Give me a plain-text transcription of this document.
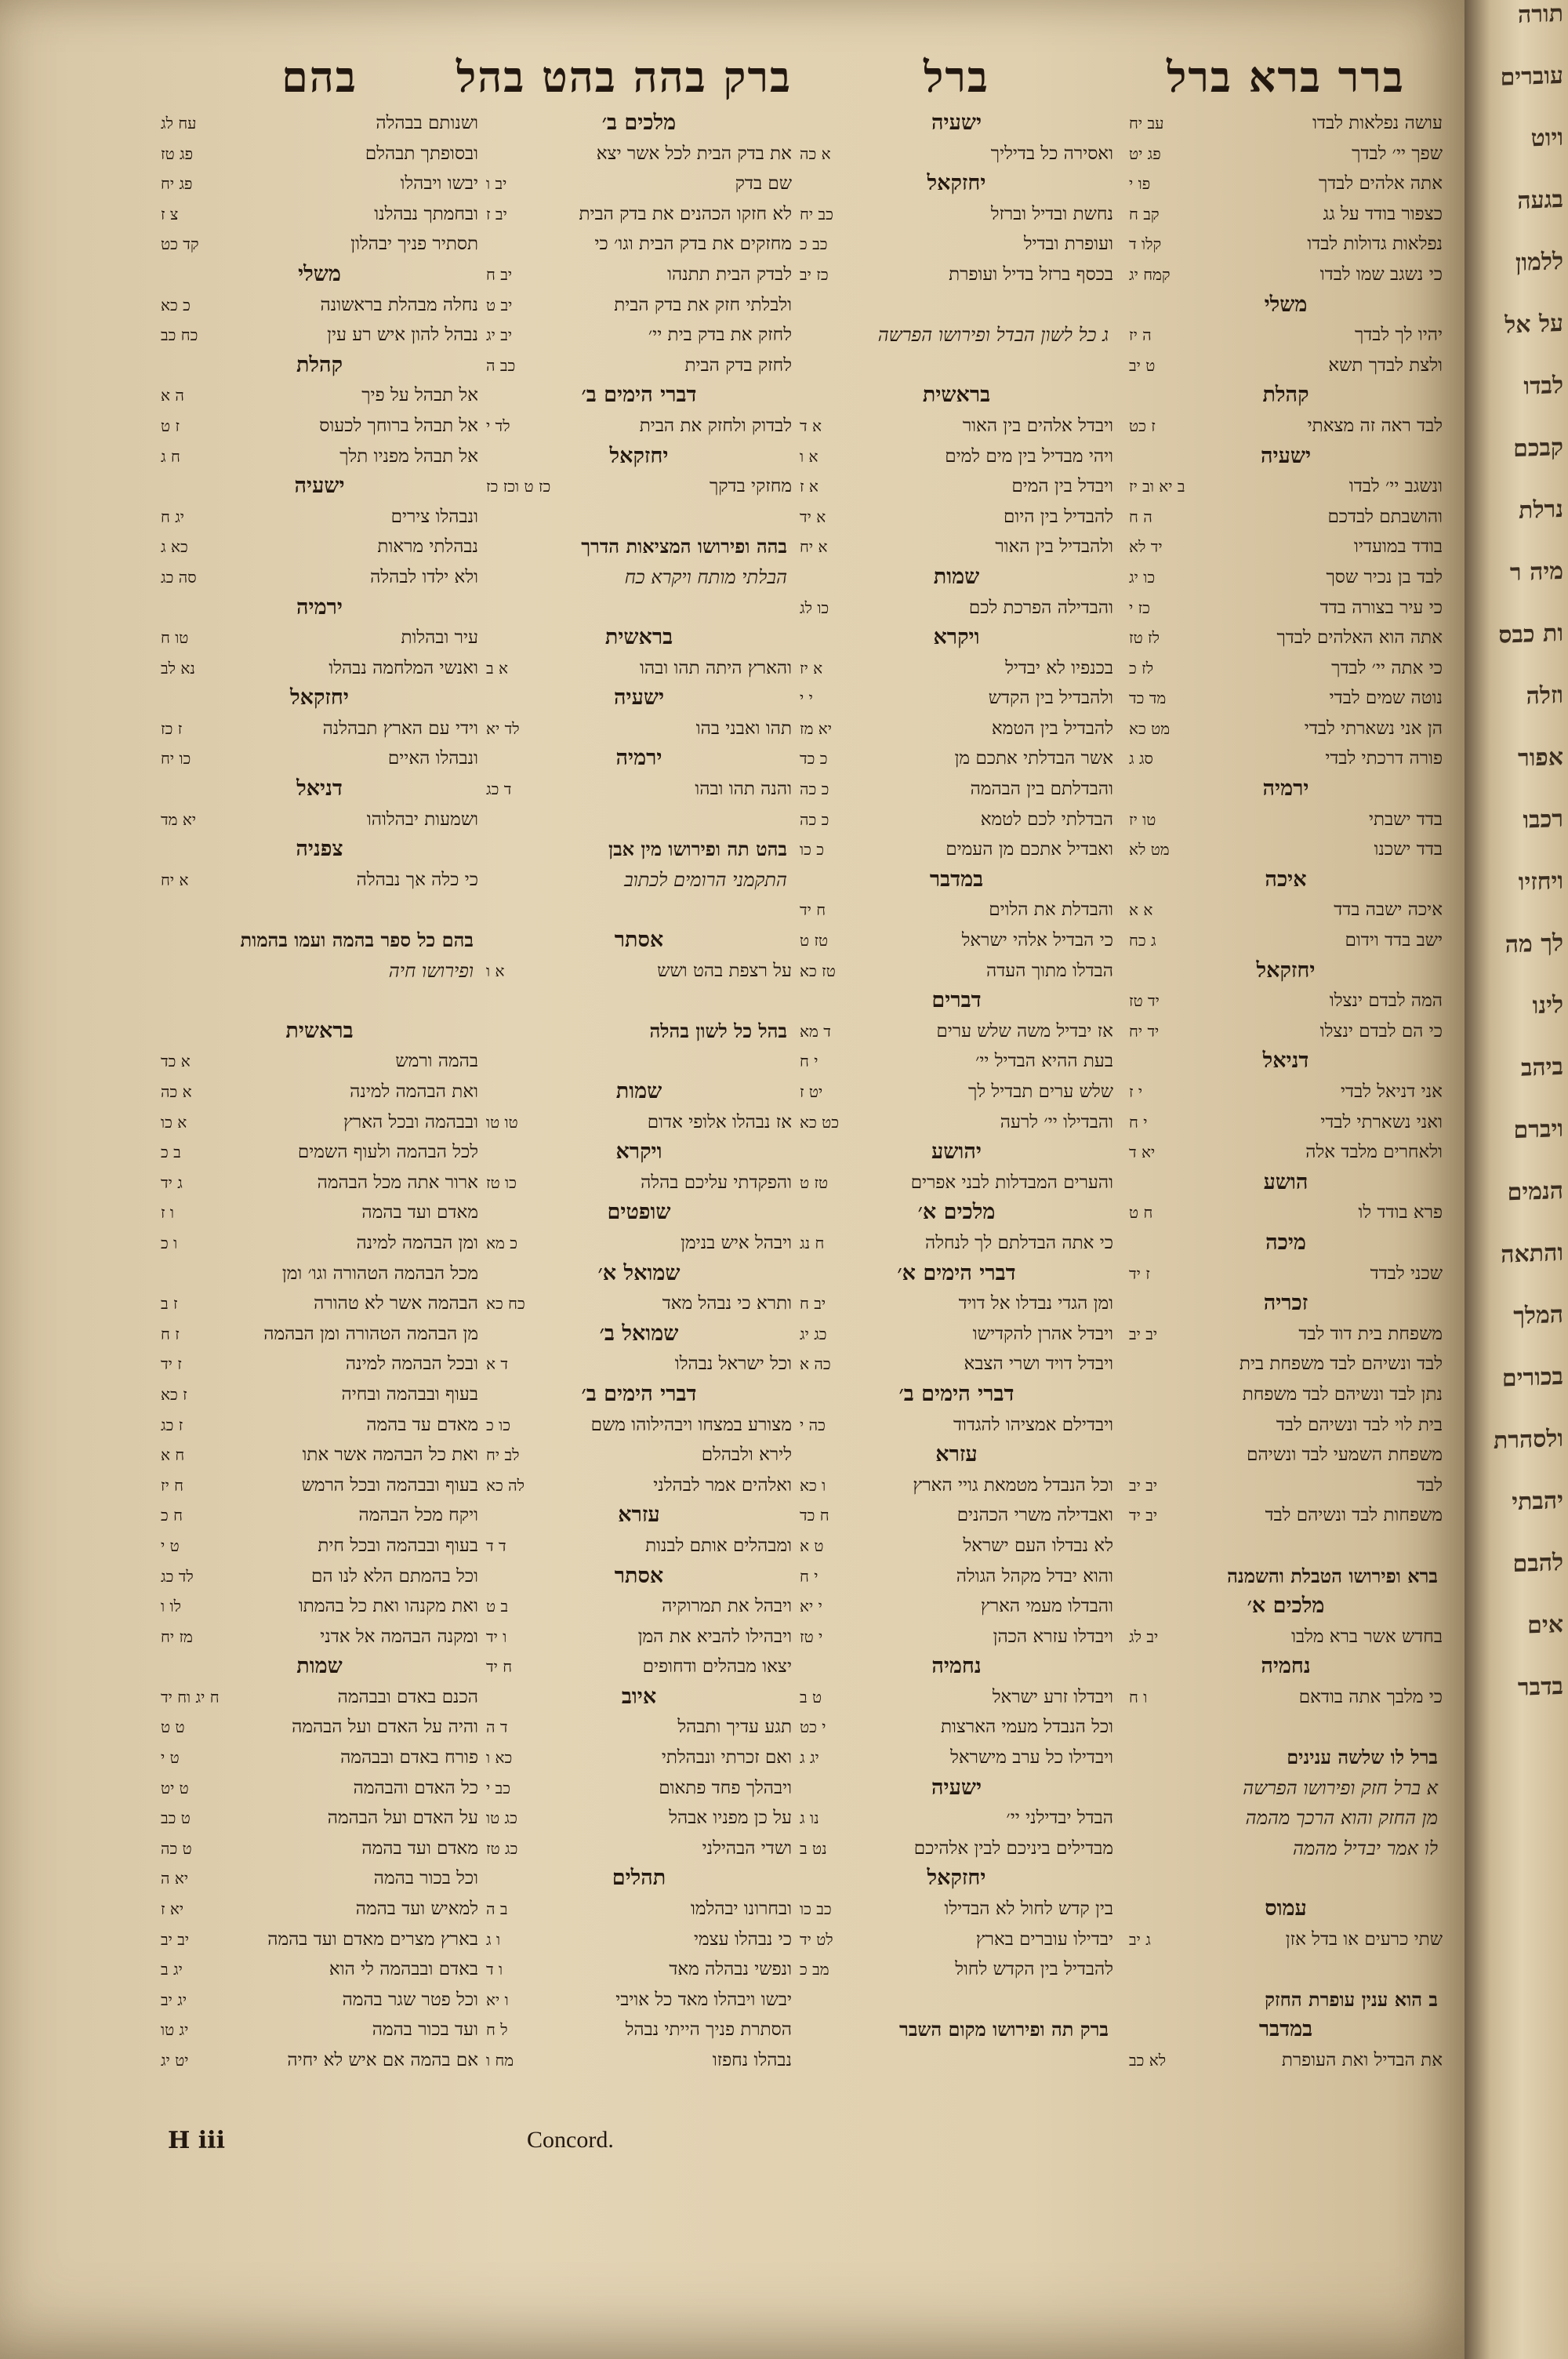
ברר ברא ברל
עושה נפלאות לבדו
עב יח
שפך יי׳ לבדך
פג יט
אתה אלהים לבדך
פו י
כצפור בודד על גג
קב ח
נפלאות גדולות לבדו
קלו ד
כי נשגב שמו לבדו
קמח יג
משלי
יהיו לך לבדך
ה יז
ולצת לבדך תשא
ט יב
קהלת
לבד ראה זה מצאתי
ז כט
ישעיה
ונשגב יי׳ לבדו
ב יא וב יז
והושבתם לבדכם
ה ח
בודד במועדיו
יד לא
לבד בן נכיר שסך
כו יג
כי עיר בצורה בדד
כז י
אתה הוא האלהים לבדך
לז טז
כי אתה יי׳ לבדך
לז כ
נוטה שמים לבדי
מד כד
הן אני נשארתי לבדי
מט כא
פורה דרכתי לבדי
סג ג
ירמיה
בדד ישבתי
טו יז
בדד ישכנו
מט לא
איכה
איכה ישבה בדד
א א
ישב בדד וידום
ג כח
יחזקאל
המה לבדם ינצלו
יד טז
כי הם לבדם ינצלו
יד יח
דניאל
אני דניאל לבדי
י ז
ואני נשארתי לבדי
י ח
ולאחרים מלבד אלה
יא ד
הושע
פרא בודד לו
ח ט
מיכה
שכני לבדד
ז יד
זכריה
משפחת בית דוד לבד
יב יב
לבד ונשיהם לבד משפחת בית
נתן לבד ונשיהם לבד משפחת
בית לוי לבד ונשיהם לבד
משפחת השמעי לבד ונשיהם
לבד
יב יב
משפחות לבד ונשיהם לבד
יב יד
ברא ופירושו הטבלת והשמנה
מלכים א׳
בחדש אשר ברא מלבו
יב לג
נחמיה
כי מלבך אתה בודאם
ו ח
ברל לו שלשה ענינים
א ברל חזק ופירושו הפרשה
מן החזק והוא הרכך מהמה
לו אמר יבדיל מהמה
עמוס
שתי כרעים או בדל אזן
ג יב
ב הוא ענין עופרת החזק
במדבר
את הבדיל ואת העופרת
לא כב
ברל
ישעיה
ואסירה כל בדיליך
א כה
יחזקאל
נחשת ובדיל וברזל
כב יח
ועופרת ובדיל
כב כ
בכסף ברזל בדיל ועופרת
כז יב
ג כל לשון הבדל ופירושו הפרשה
בראשית
ויבדל אלהים בין האור
א ד
ויהי מבדיל בין מים למים
א ו
ויבדל בין המים
א ז
להבדיל בין היום
א יד
ולהבדיל בין האור
א יח
שמות
והבדילה הפרכת לכם
כו לג
ויקרא
בכנפיו לא יבדיל
א יז
ולהבדיל בין הקדש
י י
להבדיל בין הטמא
יא מז
אשר הבדלתי אתכם מן
כ כד
והבדלתם בין הבהמה
כ כה
הבדלתי לכם לטמא
כ כה
ואבדיל אתכם מן העמים
כ כו
במדבר
והבדלת את הלוים
ח יד
כי הבדיל אלהי ישראל
טז ט
הבדלו מתוך העדה
טז כא
דברים
אז יבדיל משה שלש ערים
ד מא
בעת ההיא הבדיל יי׳
י ח
שלש ערים תבדיל לך
יט ז
והבדילו יי׳ לרעה
כט כא
יהושע
והערים המבדלות לבני אפרים
טז ט
מלכים א׳
כי אתה הבדלתם לך לנחלה
ח נג
דברי הימים א׳
ומן הגדי נבדלו אל דויד
יב ח
ויבדל אהרן להקדישו
כג יג
ויבדל דויד ושרי הצבא
כה א
דברי הימים ב׳
ויבדילם אמציהו להגדוד
כה י
עזרא
וכל הנבדל מטמאת גויי הארץ
ו כא
ואבדילה משרי הכהנים
ח כד
לא נבדלו העם ישראל
ט א
והוא יבדל מקהל הגולה
י ח
והבדלו מעמי הארץ
י יא
ויבדלו עזרא הכהן
י טז
נחמיה
ויבדלו זרע ישראל
ט ב
וכל הנבדל מעמי הארצות
י כט
ויבדילו כל ערב מישראל
יג ג
ישעיה
הבדל יבדילני יי׳
נו ג
מבדילים ביניכם לבין אלהיכם
נט ב
יחזקאל
בין קדש לחול לא הבדילו
כב כו
יבדילו עוברים בארץ
לט יד
להבדיל בין הקדש לחול
מב כ
ברק תה ופירושו מקום השבר
ברק בהה בהט בהל
מלכים ב׳
את בדק הבית לכל אשר יצא
שם בדק
יב ו
לא חזקו הכהנים את בדק הבית
יב ז
מחזקים את בדק הבית וגו׳ כי
לבדק הבית תתנהו
יב ח
ולבלתי חזק את בדק הבית
יב ט
לחזק את בדק בית יי׳
יב יג
לחזק בדק הבית
כב ה
דברי הימים ב׳
לבדוק ולחזק את הבית
לד י
יחזקאל
מחזקי בדקך
כז ט וכז כז
בהה ופירושו המציאות הדרך
הבלתי מותח ויקרא כח
בראשית
והארץ היתה תהו ובהו
א ב
ישעיה
תהו ואבני בהו
לד יא
ירמיה
והנה תהו ובהו
ד כג
בהט תה ופירושו מין אבן
התקמני הרומים לכתוב
אסתר
על רצפת בהט ושש
א ו
בהל כל לשון בהלה
שמות
אז נבהלו אלופי אדום
טו טו
ויקרא
והפקדתי עליכם בהלה
כו טז
שופטים
ויבהל איש בנימן
כ מא
שמואל א׳
ותרא כי נבהל מאד
כח כא
שמואל ב׳
וכל ישראל נבהלו
ד א
דברי הימים ב׳
מצורע במצחו ויבהילוהו משם
כו כ
לירא ולבהלם
לב יח
ואלהים אמר לבהלני
לה כא
עזרא
ומבהלים אותם לבנות
ד ד
אסתר
ויבהל את תמרוקיה
ב ט
ויבהילו להביא את המן
ו יד
יצאו מבהלים ודחופים
ח יד
איוב
תגע עדיך ותבהל
ד ה
ואם זכרתי ונבהלתי
כא ו
ויבהלך פחד פתאום
כב י
על כן מפניו אבהל
כג טו
ושדי הבהילני
כג טז
תהלים
ובחרונו יבהלמו
ב ה
כי נבהלו עצמי
ו ג
ונפשי נבהלה מאד
ו ד
יבשו ויבהלו מאד כל אויבי
ו יא
הסתרת פניך הייתי נבהל
ל ח
נבהלו נחפזו
מח ו
בהם
ושנותם בבהלה
עח לג
ובסופתך תבהלם
פג טז
יבשו ויבהלו
פג יח
ובחמתך נבהלנו
צ ז
תסתיר פניך יבהלון
קד כט
משלי
נחלה מבהלת בראשונה
כ כא
נבהל להון איש רע עין
כח כב
קהלת
אל תבהל על פיך
ה א
אל תבהל ברוחך לכעוס
ז ט
אל תבהל מפניו תלך
ח ג
ישעיה
ונבהלו צירים
יג ח
נבהלתי מראות
כא ג
ולא ילדו לבהלה
סה כג
ירמיה
עיר ובהלות
טו ח
ואנשי המלחמה נבהלו
נא לב
יחזקאל
וידי עם הארץ תבהלנה
ז כז
ונבהלו האיים
כו יח
דניאל
ושמעות יבהלוהו
יא מד
צפניה
כי כלה אך נבהלה
א יח
בהם כל ספר בהמה ועמו בהמות
ופירושו חיה
בראשית
בהמה ורמש
א כד
ואת הבהמה למינה
א כה
ובבהמה ובכל הארץ
א כו
לכל הבהמה ולעוף השמים
ב כ
ארור אתה מכל הבהמה
ג יד
מאדם ועד בהמה
ו ז
ומן הבהמה למינה
ו כ
מכל הבהמה הטהורה וגו׳ ומן
הבהמה אשר לא טהורה
ז ב
מן הבהמה הטהורה ומן הבהמה
ז ח
ובכל הבהמה למינה
ז יד
בעוף ובבהמה ובחיה
ז כא
מאדם עד בהמה
ז כג
ואת כל הבהמה אשר אתו
ח א
בעוף ובבהמה ובכל הרמש
ח יז
ויקח מכל הבהמה
ח כ
בעוף ובבהמה ובכל חית
ט י
וכל בהמתם הלא לנו הם
לד כג
ואת מקנהו ואת כל בהמתו
לו ו
ומקנה הבהמה אל אדני
מז יח
שמות
הכנם באדם ובבהמה
ח יג וח יד
והיה על האדם ועל הבהמה
ט ט
פורח באדם ובבהמה
ט י
כל האדם והבהמה
ט יט
על האדם ועל הבהמה
ט כב
מאדם ועד בהמה
ט כה
וכל בכור בהמה
יא ה
למאיש ועד בהמה
יא ז
בארץ מצרים מאדם ועד בהמה
יב יב
באדם ובבהמה לי הוא
יג ב
וכל פטר שגר בהמה
יג יב
ועד בכור בהמה
יג טו
אם בהמה אם איש לא יחיה
יט יג
H iii	Concord.
תורה
עוברים
ויוט
בגעה
ללמון
על אל
לבדו
קבכם
נרלת
מיה ר
ות כבס
וזלה
אפור
רכבו
ויחזיו
לך מה
לינו
ביהב
ויברם
הנמים
והתאה
המלך
בכורים
ולסהרת
יהבתי
להבם
אים
בדבר
